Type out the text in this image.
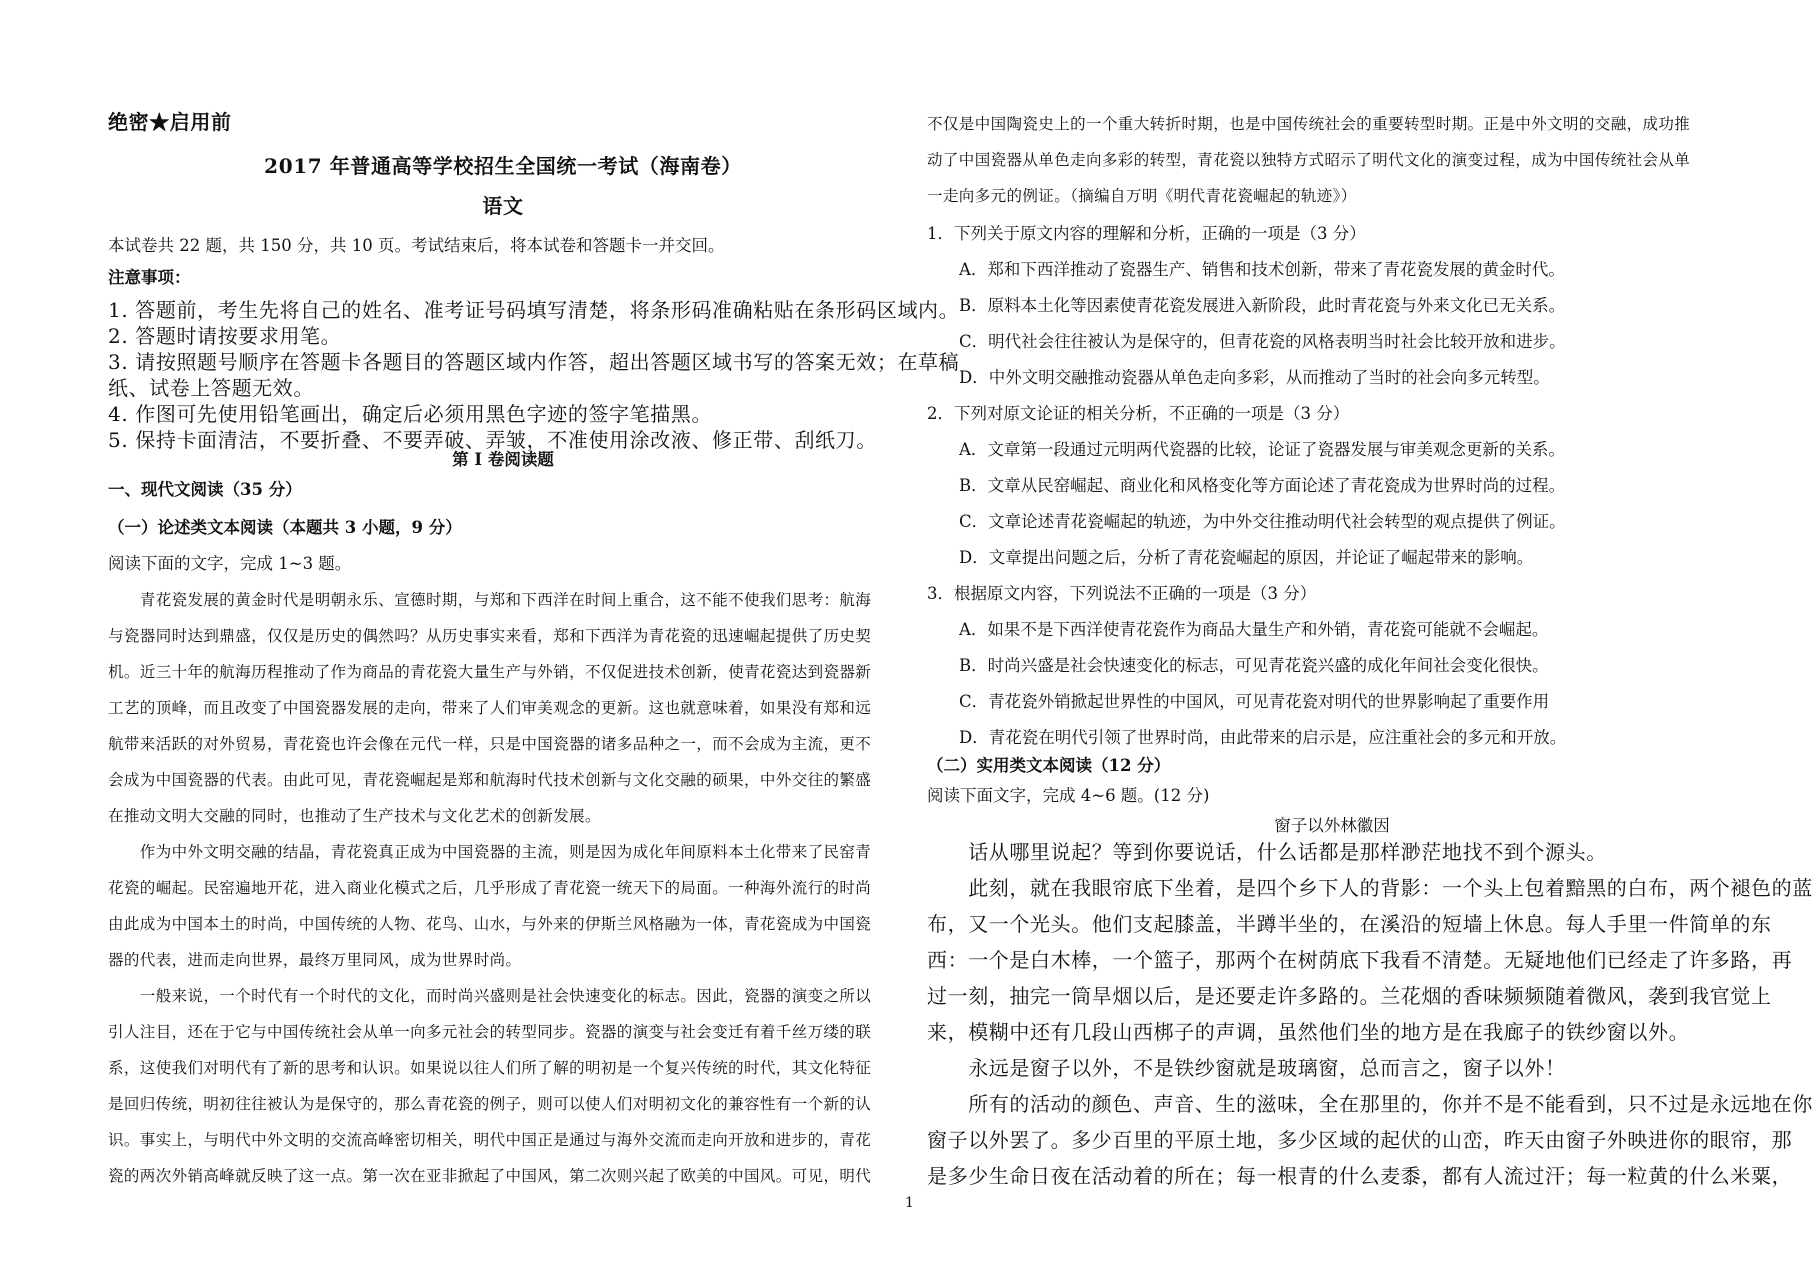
绝密★启用前
2017 年普通高等学校招生全国统一考试（海南卷）
语文
本试卷共 22 题，共 150 分，共 10 页。考试结束后，将本试卷和答题卡一并交回。
注意事项：
1. 答题前，考生先将自己的姓名、准考证号码填写清楚，将条形码准确粘贴在条形码区域内。
2. 答题时请按要求用笔。
3. 请按照题号顺序在答题卡各题目的答题区域内作答，超出答题区域书写的答案无效；在草稿
纸、试卷上答题无效。
4. 作图可先使用铅笔画出，确定后必须用黑色字迹的签字笔描黑。
5. 保持卡面清洁，不要折叠、不要弄破、弄皱，不准使用涂改液、修正带、刮纸刀。
第 I 卷阅读题
一、现代文阅读（35 分）
（一）论述类文本阅读（本题共 3 小题，9 分）
阅读下面的文字，完成 1~3 题。
　　青花瓷发展的黄金时代是明朝永乐、宣德时期，与郑和下西洋在时间上重合，这不能不使我们思考：航海
与瓷器同时达到鼎盛，仅仅是历史的偶然吗？从历史事实来看，郑和下西洋为青花瓷的迅速崛起提供了历史契
机。近三十年的航海历程推动了作为商品的青花瓷大量生产与外销，不仅促进技术创新，使青花瓷达到瓷器新
工艺的顶峰，而且改变了中国瓷器发展的走向，带来了人们审美观念的更新。这也就意味着，如果没有郑和远
航带来活跃的对外贸易，青花瓷也许会像在元代一样，只是中国瓷器的诸多品种之一，而不会成为主流，更不
会成为中国瓷器的代表。由此可见，青花瓷崛起是郑和航海时代技术创新与文化交融的硕果，中外交往的繁盛
在推动文明大交融的同时，也推动了生产技术与文化艺术的创新发展。
　　作为中外文明交融的结晶，青花瓷真正成为中国瓷器的主流，则是因为成化年间原料本土化带来了民窑青
花瓷的崛起。民窑遍地开花，进入商业化模式之后，几乎形成了青花瓷一统天下的局面。一种海外流行的时尚
由此成为中国本土的时尚，中国传统的人物、花鸟、山水，与外来的伊斯兰风格融为一体，青花瓷成为中国瓷
器的代表，进而走向世界，最终万里同风，成为世界时尚。
　　一般来说，一个时代有一个时代的文化，而时尚兴盛则是社会快速变化的标志。因此，瓷器的演变之所以
引人注目，还在于它与中国传统社会从单一向多元社会的转型同步。瓷器的演变与社会变迁有着千丝万缕的联
系，这使我们对明代有了新的思考和认识。如果说以往人们所了解的明初是一个复兴传统的时代，其文化特征
是回归传统，明初往往被认为是保守的，那么青花瓷的例子，则可以使人们对明初文化的兼容性有一个新的认
识。事实上，与明代中外文明的交流高峰密切相关，明代中国正是通过与海外交流而走向开放和进步的，青花
瓷的两次外销高峰就反映了这一点。第一次在亚非掀起了中国风，第二次则兴起了欧美的中国风。可见，明代
不仅是中国陶瓷史上的一个重大转折时期，也是中国传统社会的重要转型时期。正是中外文明的交融，成功推
动了中国瓷器从单色走向多彩的转型，青花瓷以独特方式昭示了明代文化的演变过程，成为中国传统社会从单
一走向多元的例证。（摘编自万明《明代青花瓷崛起的轨迹》）
1．下列关于原文内容的理解和分析，正确的一项是（3 分）
A．郑和下西洋推动了瓷器生产、销售和技术创新，带来了青花瓷发展的黄金时代。
B．原料本土化等因素使青花瓷发展进入新阶段，此时青花瓷与外来文化已无关系。
C．明代社会往往被认为是保守的，但青花瓷的风格表明当时社会比较开放和进步。
D．中外文明交融推动瓷器从单色走向多彩，从而推动了当时的社会向多元转型。
2．下列对原文论证的相关分析，不正确的一项是（3 分）
A．文章第一段通过元明两代瓷器的比较，论证了瓷器发展与审美观念更新的关系。
B．文章从民窑崛起、商业化和风格变化等方面论述了青花瓷成为世界时尚的过程。
C．文章论述青花瓷崛起的轨迹，为中外交往推动明代社会转型的观点提供了例证。
D．文章提出问题之后，分析了青花瓷崛起的原因，并论证了崛起带来的影响。
3．根据原文内容，下列说法不正确的一项是（3 分）
A．如果不是下西洋使青花瓷作为商品大量生产和外销，青花瓷可能就不会崛起。
B．时尚兴盛是社会快速变化的标志，可见青花瓷兴盛的成化年间社会变化很快。
C．青花瓷外销掀起世界性的中国风，可见青花瓷对明代的世界影响起了重要作用
D．青花瓷在明代引领了世界时尚，由此带来的启示是，应注重社会的多元和开放。
（二）实用类文本阅读（12 分）
阅读下面文字，完成 4~6 题。(12 分)
窗子以外林徽因
　　话从哪里说起？等到你要说话，什么话都是那样渺茫地找不到个源头。
　　此刻，就在我眼帘底下坐着，是四个乡下人的背影：一个头上包着黯黑的白布，两个褪色的蓝
布，又一个光头。他们支起膝盖，半蹲半坐的，在溪沿的短墙上休息。每人手里一件简单的东
西：一个是白木棒，一个篮子，那两个在树荫底下我看不清楚。无疑地他们已经走了许多路，再
过一刻，抽完一筒旱烟以后，是还要走许多路的。兰花烟的香味频频随着微风，袭到我官觉上
来，模糊中还有几段山西梆子的声调，虽然他们坐的地方是在我廊子的铁纱窗以外。
　　永远是窗子以外，不是铁纱窗就是玻璃窗，总而言之，窗子以外！
　　所有的活动的颜色、声音、生的滋味，全在那里的，你并不是不能看到，只不过是永远地在你
窗子以外罢了。多少百里的平原土地，多少区域的起伏的山峦，昨天由窗子外映进你的眼帘，那
是多少生命日夜在活动着的所在；每一根青的什么麦黍，都有人流过汗；每一粒黄的什么米粟，
1
